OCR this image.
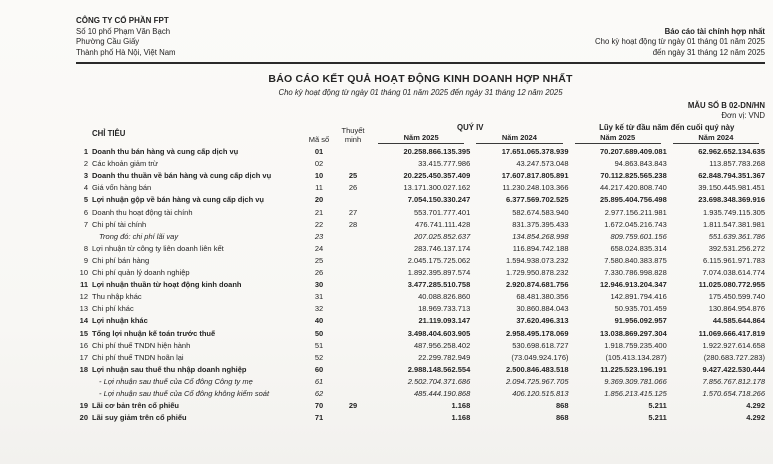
CÔNG TY CỔ PHẦN FPT
Số 10 phố Phạm Văn Bạch
Phường Cầu Giấy
Thành phố Hà Nội, Việt Nam
Báo cáo tài chính hợp nhất
Cho kỳ hoạt động từ ngày 01 tháng 01 năm 2025
đến ngày 31 tháng 12 năm 2025
BÁO CÁO KẾT QUẢ HOẠT ĐỘNG KINH DOANH HỢP NHẤT
Cho kỳ hoạt động từ ngày 01 tháng 01 năm 2025 đến ngày 31 tháng 12 năm 2025
MẪU SỐ B 02-DN/HN
Đơn vị: VND
	CHỈ TIÊU	Mã số	Thuyết minh	QUÝ IV		Lũy kế từ đầu năm đến cuối quý này	

				Năm 2025	Năm 2024	Năm 2025	Năm 2024

1	Doanh thu bán hàng và cung cấp dịch vụ	01		20.258.866.135.395	17.651.065.378.939	70.207.689.409.081	62.962.652.134.635
2	Các khoản giảm trừ	02		33.415.777.986	43.247.573.048	94.863.843.843	113.857.783.268
3	Doanh thu thuần về bán hàng và cung cấp dịch vụ	10	25	20.225.450.357.409	17.607.817.805.891	70.112.825.565.238	62.848.794.351.367
4	Giá vốn hàng bán	11	26	13.171.300.027.162	11.230.248.103.366	44.217.420.808.740	39.150.445.981.451
5	Lợi nhuận gộp về bán hàng và cung cấp dịch vụ	20		7.054.150.330.247	6.377.569.702.525	25.895.404.756.498	23.698.348.369.916
6	Doanh thu hoạt động tài chính	21	27	553.701.777.401	582.674.583.940	2.977.156.211.981	1.935.749.115.305
7	Chi phí tài chính	22	28	476.741.111.428	831.375.395.433	1.672.045.216.743	1.811.547.381.981
	Trong đó: chi phí lãi vay	23		207.025.852.637	134.854.268.998	809.759.601.156	551.639.361.786
8	Lợi nhuận từ công ty liên doanh liên kết	24		283.746.137.174	116.894.742.188	658.024.835.314	392.531.256.272
9	Chi phí bán hàng	25		2.045.175.725.062	1.594.938.073.232	7.580.840.383.875	6.115.961.971.783
10	Chi phí quản lý doanh nghiệp	26		1.892.395.897.574	1.729.950.878.232	7.330.786.998.828	7.074.038.614.774
11	Lợi nhuận thuần từ hoạt động kinh doanh	30		3.477.285.510.758	2.920.874.681.756	12.946.913.204.347	11.025.080.772.955
12	Thu nhập khác	31		40.088.826.860	68.481.380.356	142.891.794.416	175.450.599.740
13	Chi phí khác	32		18.969.733.713	30.860.884.043	50.935.701.459	130.864.954.876
14	Lợi nhuận khác	40		21.119.093.147	37.620.496.313	91.956.092.957	44.585.644.864
15	Tổng lợi nhuận kế toán trước thuế	50		3.498.404.603.905	2.958.495.178.069	13.038.869.297.304	11.069.666.417.819
16	Chi phí thuế TNDN hiện hành	51		487.956.258.402	530.698.618.727	1.918.759.235.400	1.922.927.614.658
17	Chi phí thuế TNDN hoãn lại	52		22.299.782.949	(73.049.924.176)	(105.413.134.287)	(280.683.727.283)
18	Lợi nhuận sau thuế thu nhập doanh nghiệp	60		2.988.148.562.554	2.500.846.483.518	11.225.523.196.191	9.427.422.530.444
	- Lợi nhuận sau thuế của Cổ đông Công ty mẹ	61		2.502.704.371.686	2.094.725.967.705	9.369.309.781.066	7.856.767.812.178
	- Lợi nhuận sau thuế của Cổ đông không kiểm soát	62		485.444.190.868	406.120.515.813	1.856.213.415.125	1.570.654.718.266
19	Lãi cơ bản trên cổ phiếu	70	29	1.168	868	5.211	4.292
20	Lãi suy giảm trên cổ phiếu	71		1.168	868	5.211	4.292
